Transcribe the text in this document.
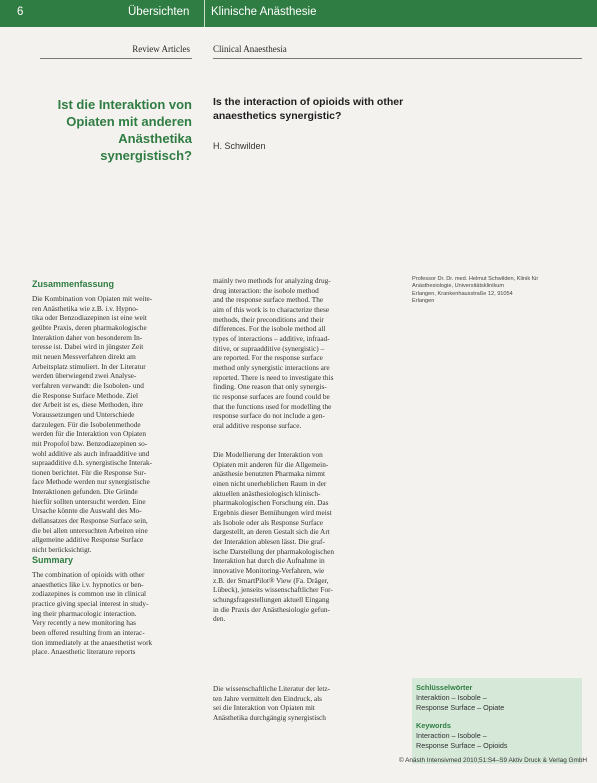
6	Übersichten Klinische Anästhesie
Review Articles	Clinical Anaesthesia
Ist die Interaktion von Opiaten mit anderen Anästhetika synergistisch?
Is the interaction of opioids with other anaesthetics synergistic?
H. Schwilden
Professor Dr. Dr. med. Helmut Schwilden, Klinik für
Anästhesiologie, Universitätsklinikum
Erlangen, Krankenhausstraße 12, 91054
Erlangen
Zusammenfassung
Die Kombination von Opiaten mit weite-
ren Anästhetika wie z.B. i.v. Hypno-
tika oder Benzodiazepinen ist eine weit
geübte Praxis, deren pharmakologische
Interaktion daher von besonderem In-
teresse ist. Dabei wird in jüngster Zeit
mit neuen Messverfahren direkt am
Arbeitsplatz stimuliert. In der Literatur
werden überwiegend zwei Analyse-
verfahren verwandt: die Isobolen- und
die Response Surface Methode. Ziel
der Arbeit ist es, diese Methoden, ihre
Voraussetzungen und Unterschiede
darzulegen. Für die Isobolenmethode
werden für die Interaktion von Opiaten
mit Propofol bzw. Benzodiazepinen so-
wohl additive als auch infraadditive und
supraadditive d.h. synergistische Interak-
tionen berichtet. Für die Response Sur-
face Methode werden nur synergistische
Interaktionen gefunden. Die Gründe
hierfür sollten untersucht werden. Eine
Ursache könnte die Auswahl des Mo-
dellansatzes der Response Surface sein,
die bei allen untersuchten Arbeiten eine
allgemeine additive Response Surface
nicht berücksichtigt.
Summary
The combination of opioids with other
anaesthetics like i.v. hypnotics or ben-
zodiazepines is common use in clinical
practice giving special interest in study-
ing their pharmacologic interaction.
Very recently a new monitoring has
been offered resulting from an interac-
tion immediately at the anaesthetist work
place. Anaesthetic literature reports
mainly two methods for analyzing drug-
drug interaction: the isobole method
and the response surface method. The
aim of this work is to characterize these
methods, their preconditions and their
differences. For the isobole method all
types of interactions – additive, infraad-
ditive, or supraadditive (synergistic) –
are reported. For the response surface
method only synergistic interactions are
reported. There is need to investigate this
finding. One reason that only synergis-
tic response surfaces are found could be
that the functions used for modelling the
response surface do not include a gen-
eral additive response surface.
Die Modellierung der Interaktion von
Opiaten mit anderen für die Allgemein-
anästhesie benutzten Pharmaka nimmt
einen nicht unerheblichen Raum in der
aktuellen anästhesiologisch klinisch-
pharmakologischen Forschung ein. Das
Ergebnis dieser Bemühungen wird meist
als Isobole oder als Response Surface
dargestellt, an deren Gestalt sich die Art
der Interaktion ablesen lässt. Die graf-
ische Darstellung der pharmakologischen
Interaktion hat durch die Aufnahme in
innovative Monitoring-Verfahren, wie
z.B. der SmartPilot® View (Fa. Dräger,
Lübeck), jenseits wissenschaftlicher For-
schungsfragestellungen aktuell Eingang
in die Praxis der Anästhesiologie gefun-
den.
Die wissenschaftliche Literatur der letz-
ten Jahre vermittelt den Eindruck, als
sei die Interaktion von Opiaten mit
Anästhetika durchgängig synergistisch
Schlüsselwörter
Interaktion – Isobole –
Response Surface – Opiate
Keywords
Interaction – Isobole –
Response Surface – Opioids
© Anästh Intensivmed 2010;51:S4–S9 Aktiv Druck & Verlag GmbH
